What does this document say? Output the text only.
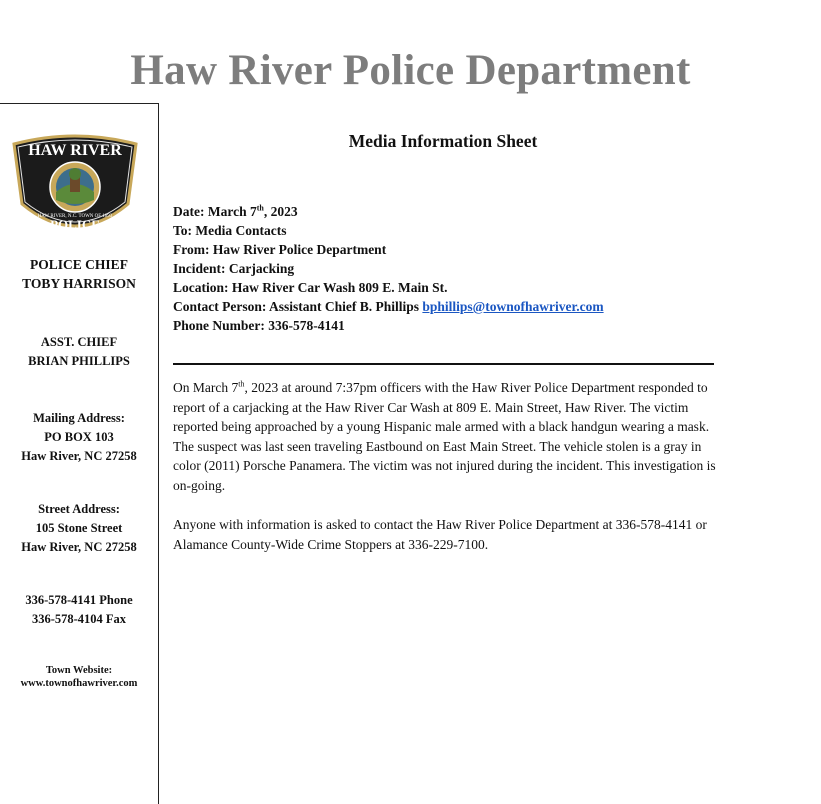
Haw River Police Department
HAW RIVER
HAW RIVER, N.C. TOWN OF 1893
POLICE
POLICE CHIEF
TOBY HARRISON
ASST. CHIEF
BRIAN PHILLIPS
Mailing Address:
PO BOX 103
Haw River, NC 27258
Street Address:
105 Stone Street
Haw River, NC 27258
336-578-4141 Phone
336-578-4104 Fax
Town Website:
www.townofhawriver.com
Media Information Sheet
Date: March 7th, 2023
To: Media Contacts
From: Haw River Police Department
Incident: Carjacking
Location: Haw River Car Wash 809 E. Main St.
Contact Person: Assistant Chief B. Phillips bphillips@townofhawriver.com
Phone Number: 336-578-4141
On March 7th, 2023 at around 7:37pm officers with the Haw River Police Department responded to report of a carjacking at the Haw River Car Wash at 809 E. Main Street, Haw River. The victim reported being approached by a young Hispanic male armed with a black handgun wearing a mask. The suspect was last seen traveling Eastbound on East Main Street. The vehicle stolen is a gray in color (2011) Porsche Panamera. The victim was not injured during the incident. This investigation is on-going.
Anyone with information is asked to contact the Haw River Police Department at 336-578-4141 or Alamance County-Wide Crime Stoppers at 336-229-7100.
